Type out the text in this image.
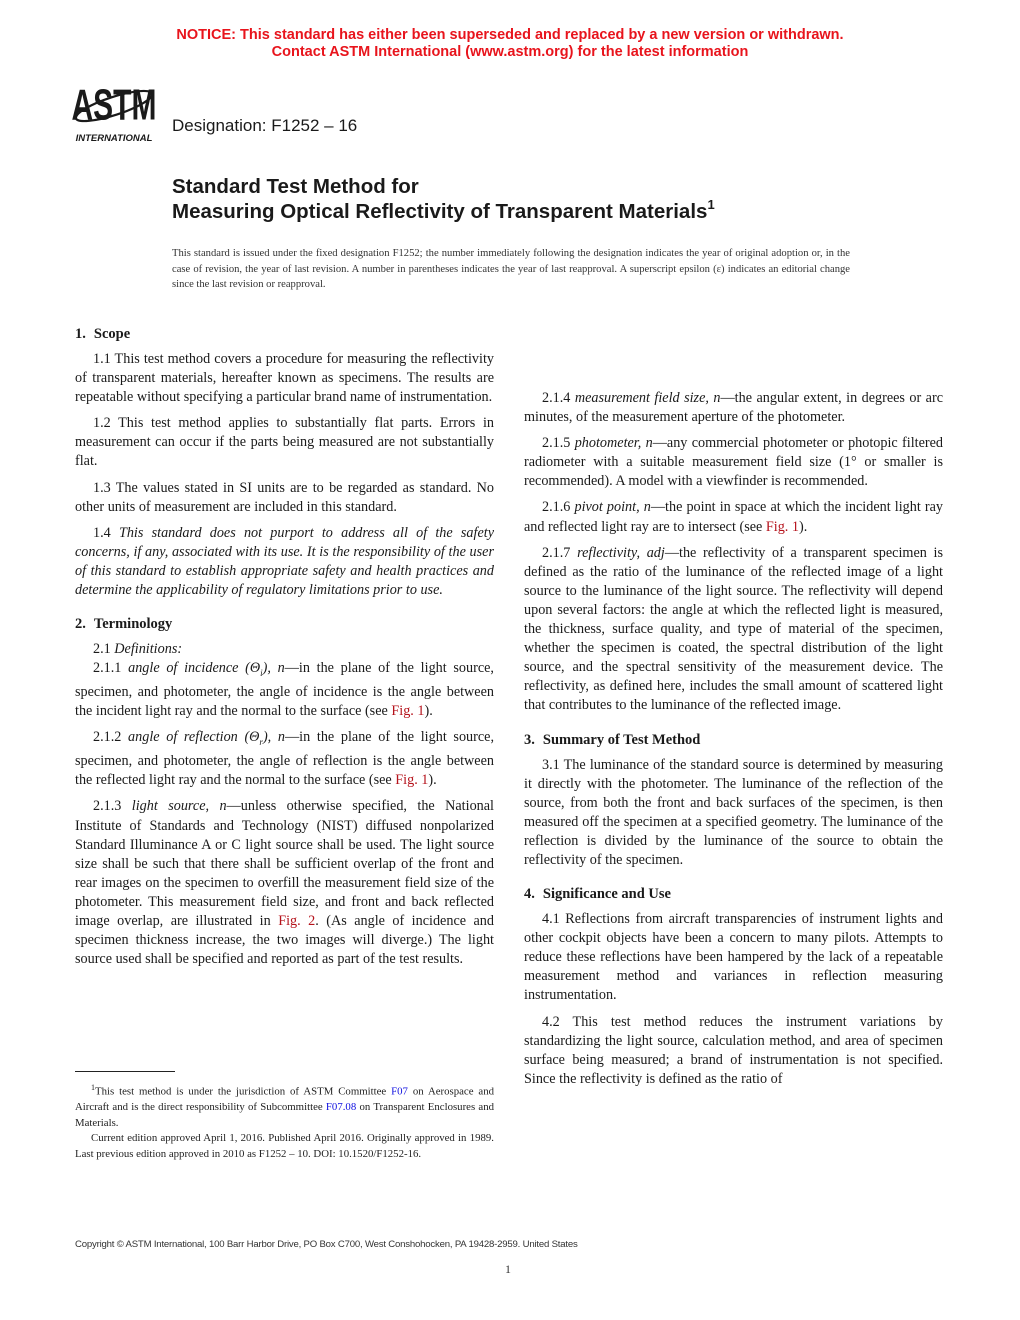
NOTICE: This standard has either been superseded and replaced by a new version or withdrawn.
Contact ASTM International (www.astm.org) for the latest information
ASTM
INTERNATIONAL
Designation: F1252 – 16
Standard Test Method for
Measuring Optical Reflectivity of Transparent Materials$^1$
This standard is issued under the fixed designation F1252; the number immediately following the designation indicates the year of original adoption or, in the case of revision, the year of last revision. A number in parentheses indicates the year of last reapproval. A superscript epsilon (ε) indicates an editorial change since the last revision or reapproval.
1. Scope

1.1 This test method covers a procedure for measuring the reflectivity of transparent materials, hereafter known as specimens. The results are repeatable without specifying a particular brand name of instrumentation.

1.2 This test method applies to substantially flat parts. Errors in measurement can occur if the parts being measured are not substantially flat.

1.3 The values stated in SI units are to be regarded as standard. No other units of measurement are included in this standard.

1.4 This standard does not purport to address all of the safety concerns, if any, associated with its use. It is the responsibility of the user of this standard to establish appropriate safety and health practices and determine the applicability of regulatory limitations prior to use.

2. Terminology

2.1 Definitions:

2.1.1 angle of incidence $(\Theta_i)$, n—in the plane of the light source, specimen, and photometer, the angle of incidence is the angle between the incident light ray and the normal to the surface (see Fig. 1).

2.1.2 angle of reflection $(\Theta_r)$, n—in the plane of the light source, specimen, and photometer, the angle of reflection is the angle between the reflected light ray and the normal to the surface (see Fig. 1).

2.1.3 light source, n—unless otherwise specified, the National Institute of Standards and Technology (NIST) diffused nonpolarized Standard Illuminance A or C light source shall be used. The light source size shall be such that there shall be sufficient overlap of the front and rear images on the specimen to overfill the measurement field size of the photometer. This measurement field size, and front and back reflected image overlap, are illustrated in Fig. 2. (As angle of incidence and specimen thickness increase, the two images will diverge.) The light source used shall be specified and reported as part of the test results.

2.1.4 measurement field size, n—the angular extent, in degrees or arc minutes, of the measurement aperture of the photometer.

2.1.5 photometer, n—any commercial photometer or photopic filtered radiometer with a suitable measurement field size (1° or smaller is recommended). A model with a viewfinder is recommended.

2.1.6 pivot point, n—the point in space at which the incident light ray and reflected light ray are to intersect (see Fig. 1).

2.1.7 reflectivity, adj—the reflectivity of a transparent specimen is defined as the ratio of the luminance of the reflected image of a light source to the luminance of the light source. The reflectivity will depend upon several factors: the angle at which the reflected light is measured, the thickness, surface quality, and type of material of the specimen, whether the specimen is coated, the spectral distribution of the light source, and the spectral sensitivity of the measurement device. The reflectivity, as defined here, includes the small amount of scattered light that contributes to the luminance of the reflected image.

3. Summary of Test Method

3.1 The luminance of the standard source is determined by measuring it directly with the photometer. The luminance of the reflection of the source, from both the front and back surfaces of the specimen, is then measured off the specimen at a specified geometry. The luminance of the reflection is divided by the luminance of the source to obtain the reflectivity of the specimen.

4. Significance and Use

4.1 Reflections from aircraft transparencies of instrument lights and other cockpit objects have been a concern to many pilots. Attempts to reduce these reflections have been hampered by the lack of a repeatable measurement method and variances in reflection measuring instrumentation.

4.2 This test method reduces the instrument variations by standardizing the light source, calculation method, and area of specimen surface being measured; a brand of instrumentation is not specified. Since the reflectivity is defined as the ratio of

$^1$This test method is under the jurisdiction of ASTM Committee F07 on Aerospace and Aircraft and is the direct responsibility of Subcommittee F07.08 on Transparent Enclosures and Materials.

Current edition approved April 1, 2016. Published April 2016. Originally approved in 1989. Last previous edition approved in 2010 as F1252 – 10. DOI: 10.1520/F1252-16.

Copyright © ASTM International, 100 Barr Harbor Drive, PO Box C700, West Conshohocken, PA 19428-2959. United States
1
